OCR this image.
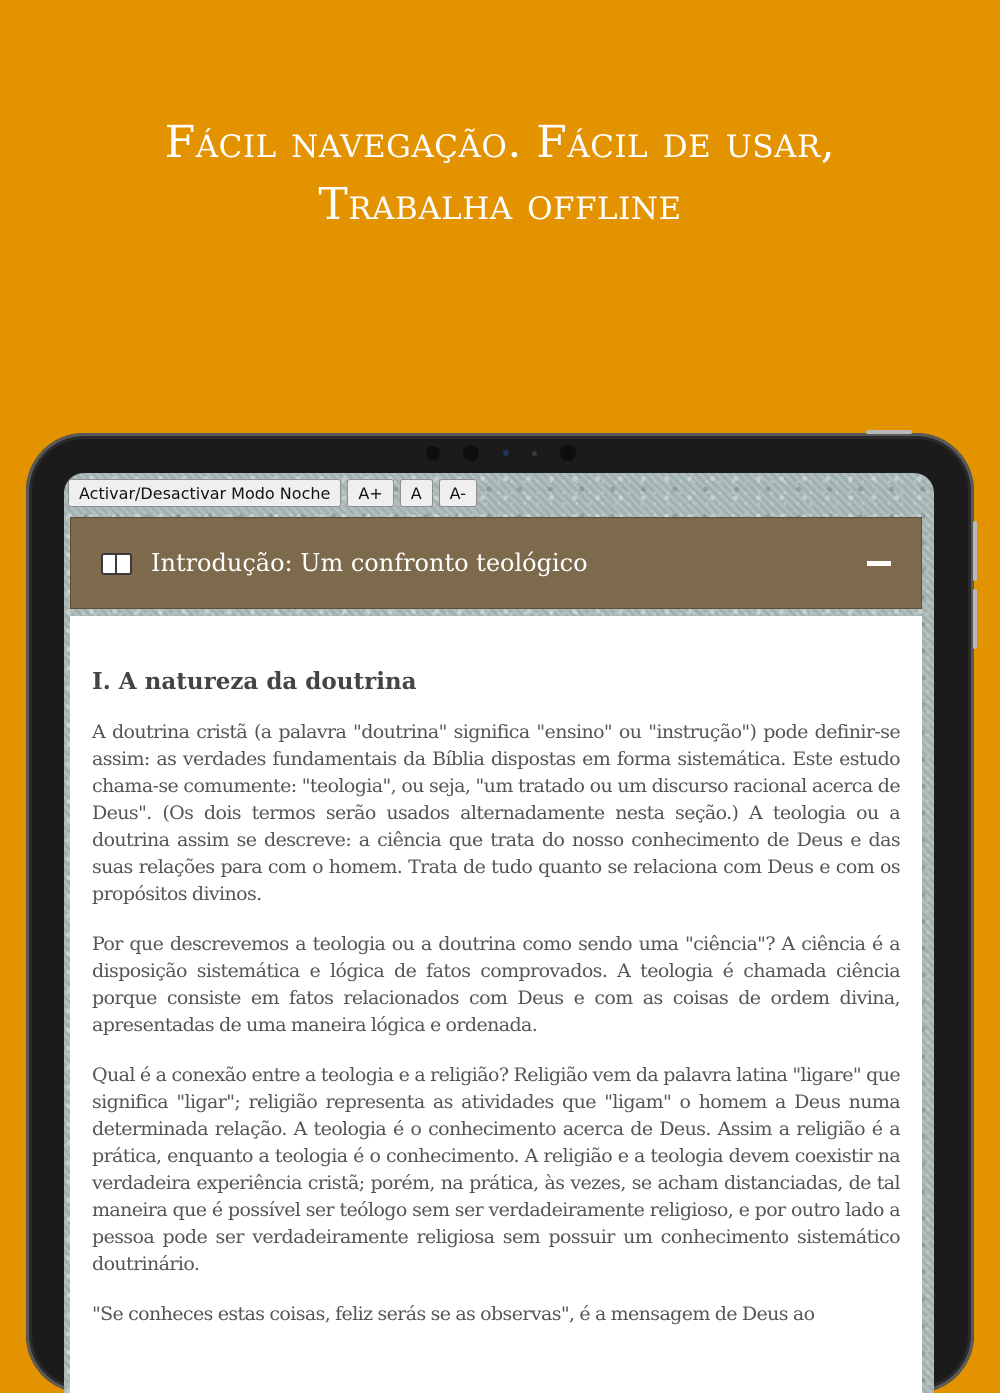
Fácil navegação. Fácil de usar,
Trabalha offline
Activar/Desactivar Modo Noche	A+	A	A-
Introdução: Um confronto teológico
I. A natureza da doutrina

A doutrina cristã (a palavra "doutrina" significa "ensino" ou "instrução") pode definir-se assim: as verdades fundamentais da Bíblia dispostas em forma sistemática. Este estudo chama-se comumente: "teologia", ou seja, "um tratado ou um discurso racional acerca de Deus". (Os dois termos serão usados alternadamente nesta seção.) A teologia ou a doutrina assim se descreve: a ciência que trata do nosso conhecimento de Deus e das suas relações para com o homem. Trata de tudo quanto se relaciona com Deus e com os propósitos divinos.

Por que descrevemos a teologia ou a doutrina como sendo uma "ciência"? A ciência é a disposição sistemática e lógica de fatos comprovados. A teologia é chamada ciência porque consiste em fatos relacionados com Deus e com as coisas de ordem divina, apresentadas de uma maneira lógica e ordenada.

Qual é a conexão entre a teologia e a religião? Religião vem da palavra latina "ligare" que significa "ligar"; religião representa as atividades que "ligam" o homem a Deus numa determinada relação. A teologia é o conhecimento acerca de Deus. Assim a religião é a prática, enquanto a teologia é o conhecimento. A religião e a teologia devem coexistir na verdadeira experiência cristã; porém, na prática, às vezes, se acham distanciadas, de tal maneira que é possível ser teólogo sem ser verdadeiramente religioso, e por outro lado a pessoa pode ser verdadeiramente religiosa sem possuir um conhecimento sistemático doutrinário.

"Se conheces estas coisas, feliz serás se as observas", é a mensagem de Deus ao
